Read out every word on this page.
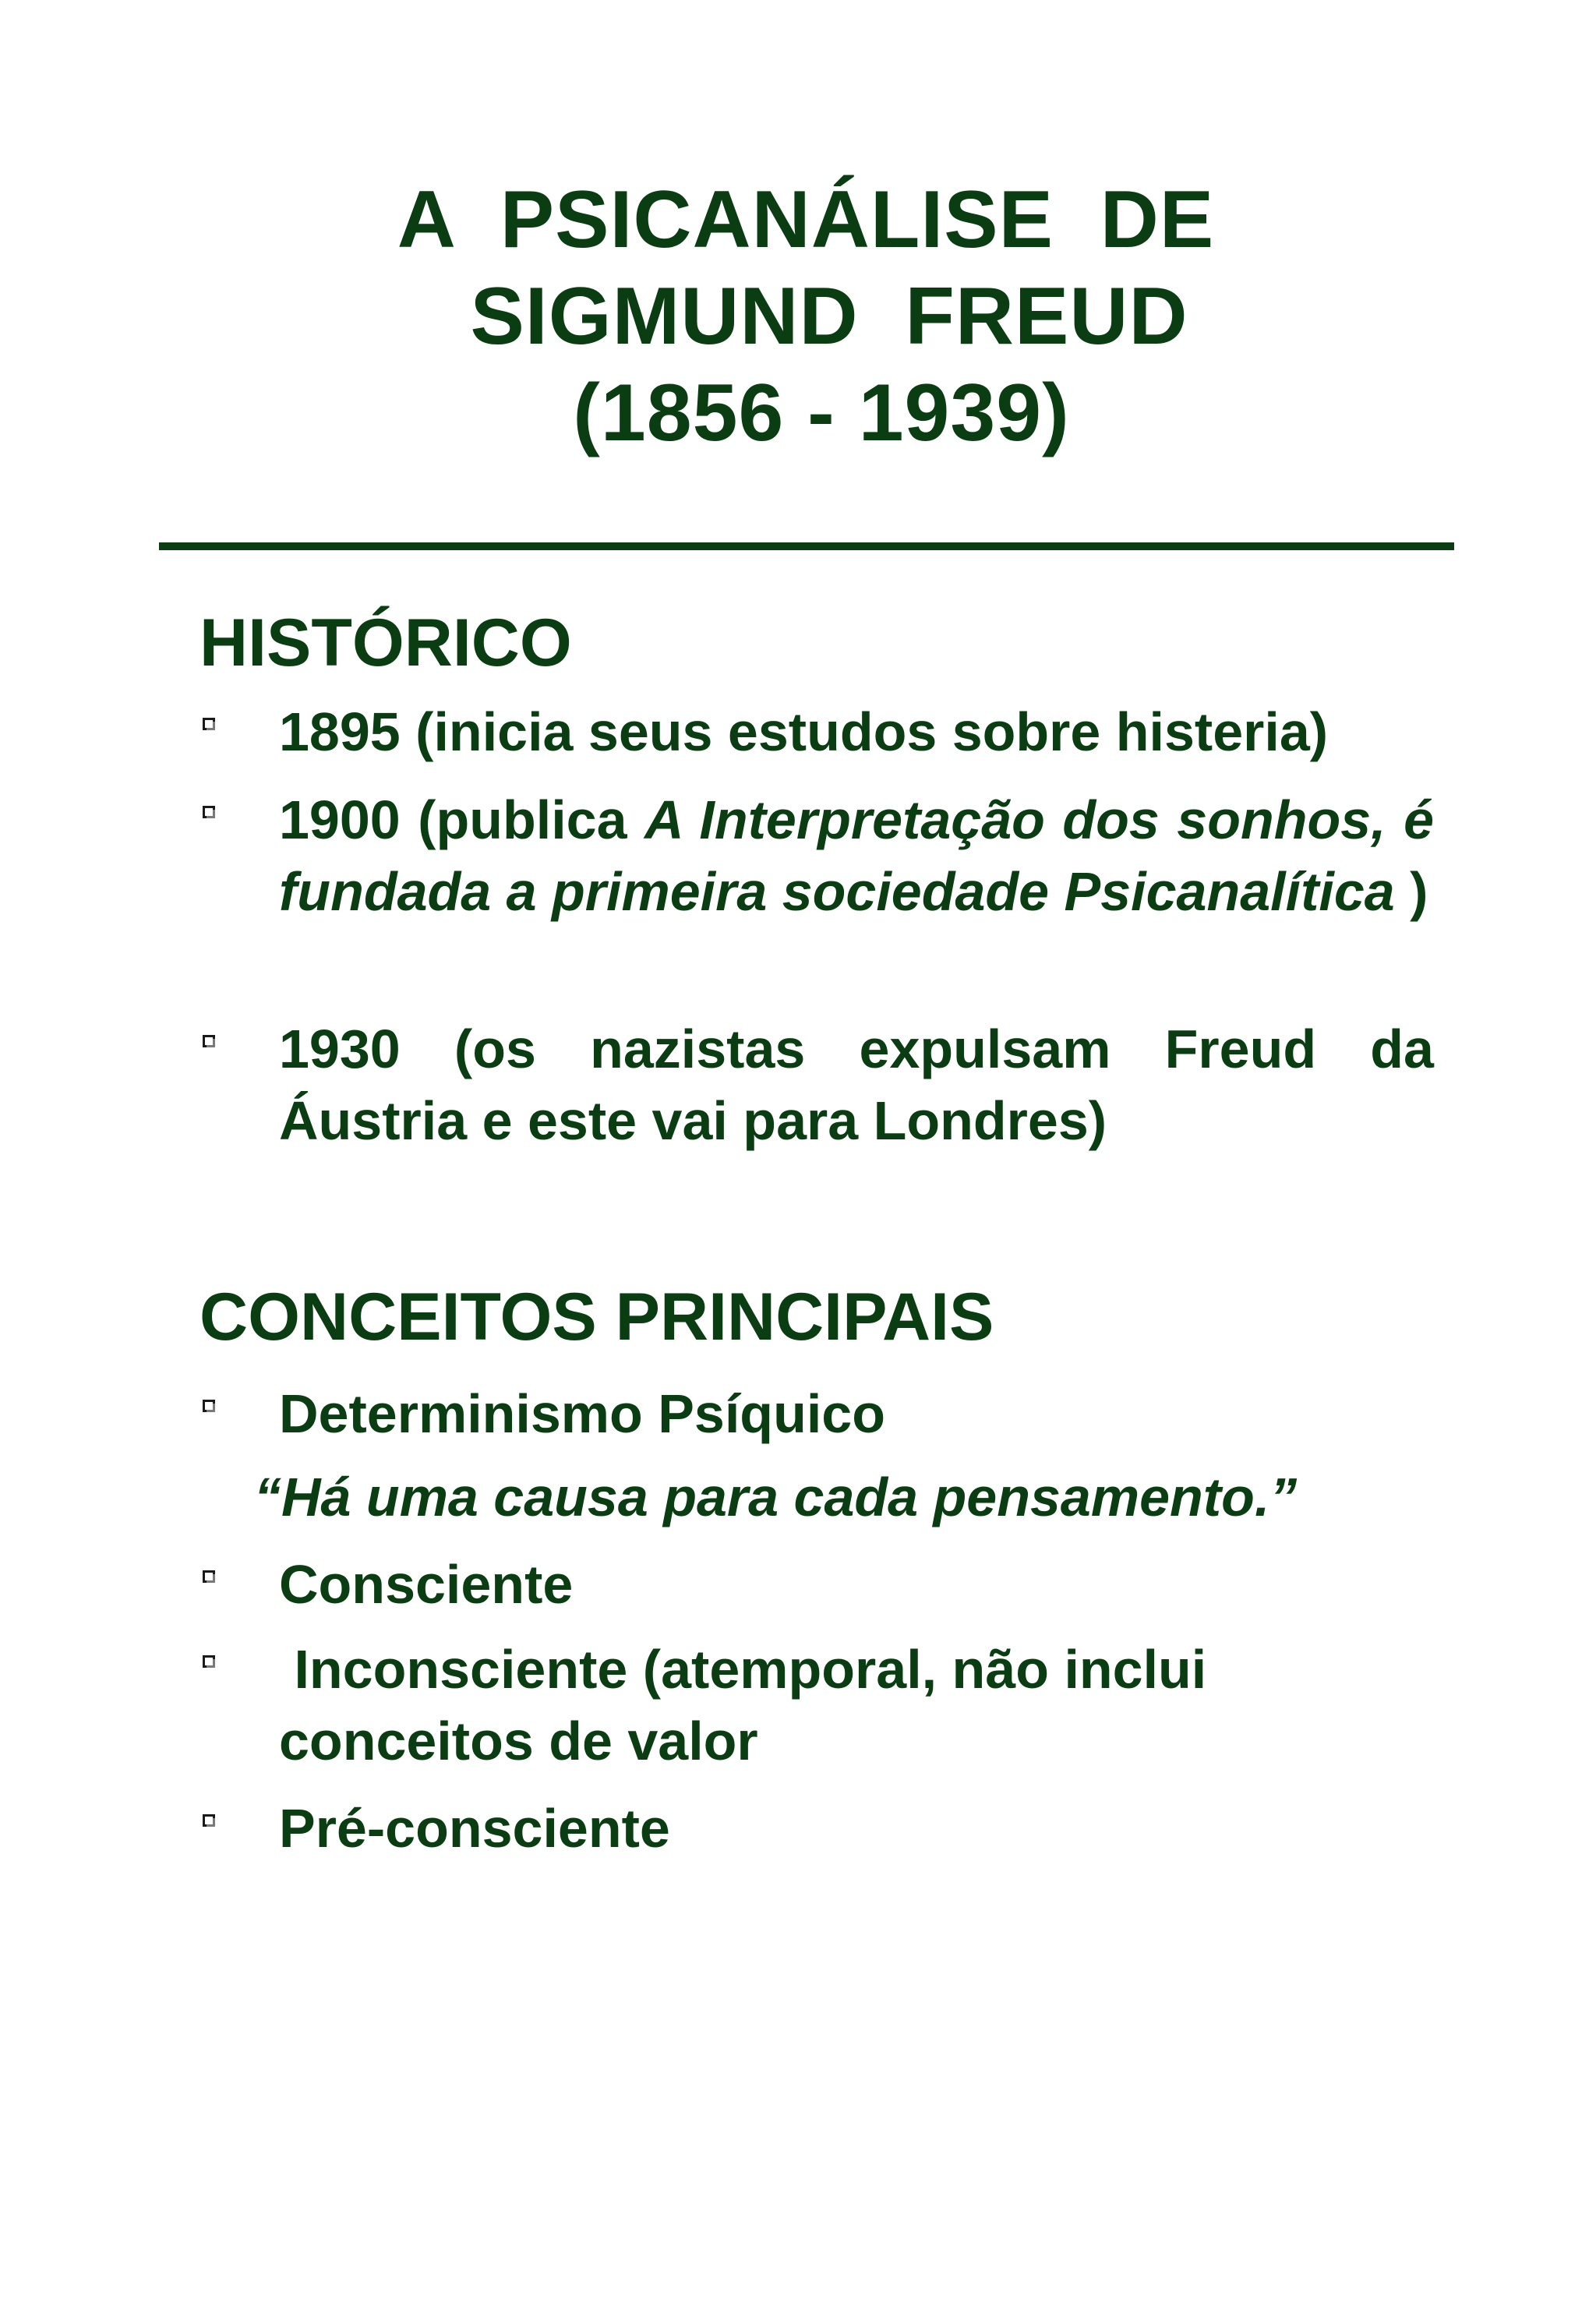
A  PSICANÁLISE  DE
SIGMUND  FREUD
(1856 - 1939)
HISTÓRICO
1895 (inicia seus estudos sobre histeria)
1900 (publica A Interpretação dos sonhos, é fundada a primeira sociedade Psicanalítica )
1930 (os nazistas expulsam Freud da Áustria e este vai para Londres)
CONCEITOS PRINCIPAIS
Determinismo Psíquico
“Há uma causa para cada pensamento.”
Consciente
Inconsciente (atemporal, não inclui conceitos de valor
Pré-consciente
